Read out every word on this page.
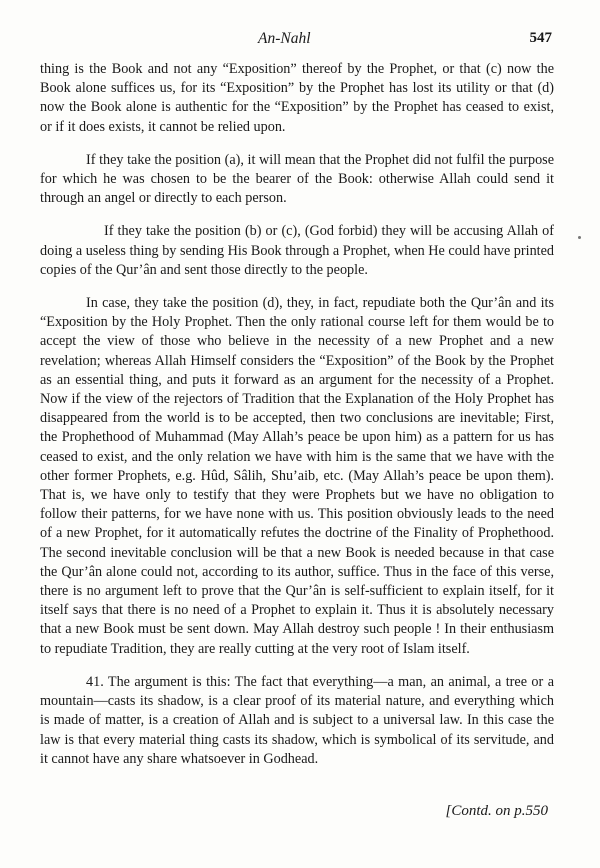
An-Nahl	547

thing is the Book and not any “Exposition” thereof by the Prophet, or that (c) now the Book alone suffices us, for its “Exposition” by the Prophet has lost its utility or that (d) now the Book alone is authentic for the “Exposition” by the Prophet has ceased to exist, or if it does exists, it cannot be relied upon.

If they take the position (a), it will mean that the Prophet did not fulfil the purpose for which he was chosen to be the bearer of the Book: otherwise Allah could send it through an angel or directly to each person.

If they take the position (b) or (c), (God forbid) they will be accusing Allah of doing a useless thing by sending His Book through a Prophet, when He could have printed copies of the Qur’ân and sent those directly to the people.

In case, they take the position (d), they, in fact, repudiate both the Qur’ân and its “Exposition by the Holy Prophet. Then the only rational course left for them would be to accept the view of those who believe in the necessity of a new Prophet and a new revelation; whereas Allah Himself considers the “Exposition” of the Book by the Prophet as an essential thing, and puts it forward as an argument for the necessity of a Prophet. Now if the view of the rejectors of Tradition that the Explanation of the Holy Prophet has disappeared from the world is to be accepted, then two conclusions are inevitable; First, the Prophethood of Muhammad (May Allah’s peace be upon him) as a pattern for us has ceased to exist, and the only relation we have with him is the same that we have with the other former Prophets, e.g. Hûd, Sâlih, Shu’aib, etc. (May Allah’s peace be upon them). That is, we have only to testify that they were Prophets but we have no obligation to follow their patterns, for we have none with us. This position obviously leads to the need of a new Prophet, for it automatically refutes the doctrine of the Finality of Prophethood. The second inevitable conclusion will be that a new Book is needed because in that case the Qur’ân alone could not, according to its author, suffice. Thus in the face of this verse, there is no argument left to prove that the Qur’ân is self-sufficient to explain itself, for it itself says that there is no need of a Prophet to explain it. Thus it is absolutely necessary that a new Book must be sent down. May Allah destroy such people ! In their enthusiasm to repudiate Tradition, they are really cutting at the very root of Islam itself.

41. The argument is this: The fact that everything—a man, an animal, a tree or a mountain—casts its shadow, is a clear proof of its material nature, and everything which is made of matter, is a creation of Allah and is subject to a universal law. In this case the law is that every material thing casts its shadow, which is symbolical of its servitude, and it cannot have any share whatsoever in Godhead.

[Contd. on p.550
